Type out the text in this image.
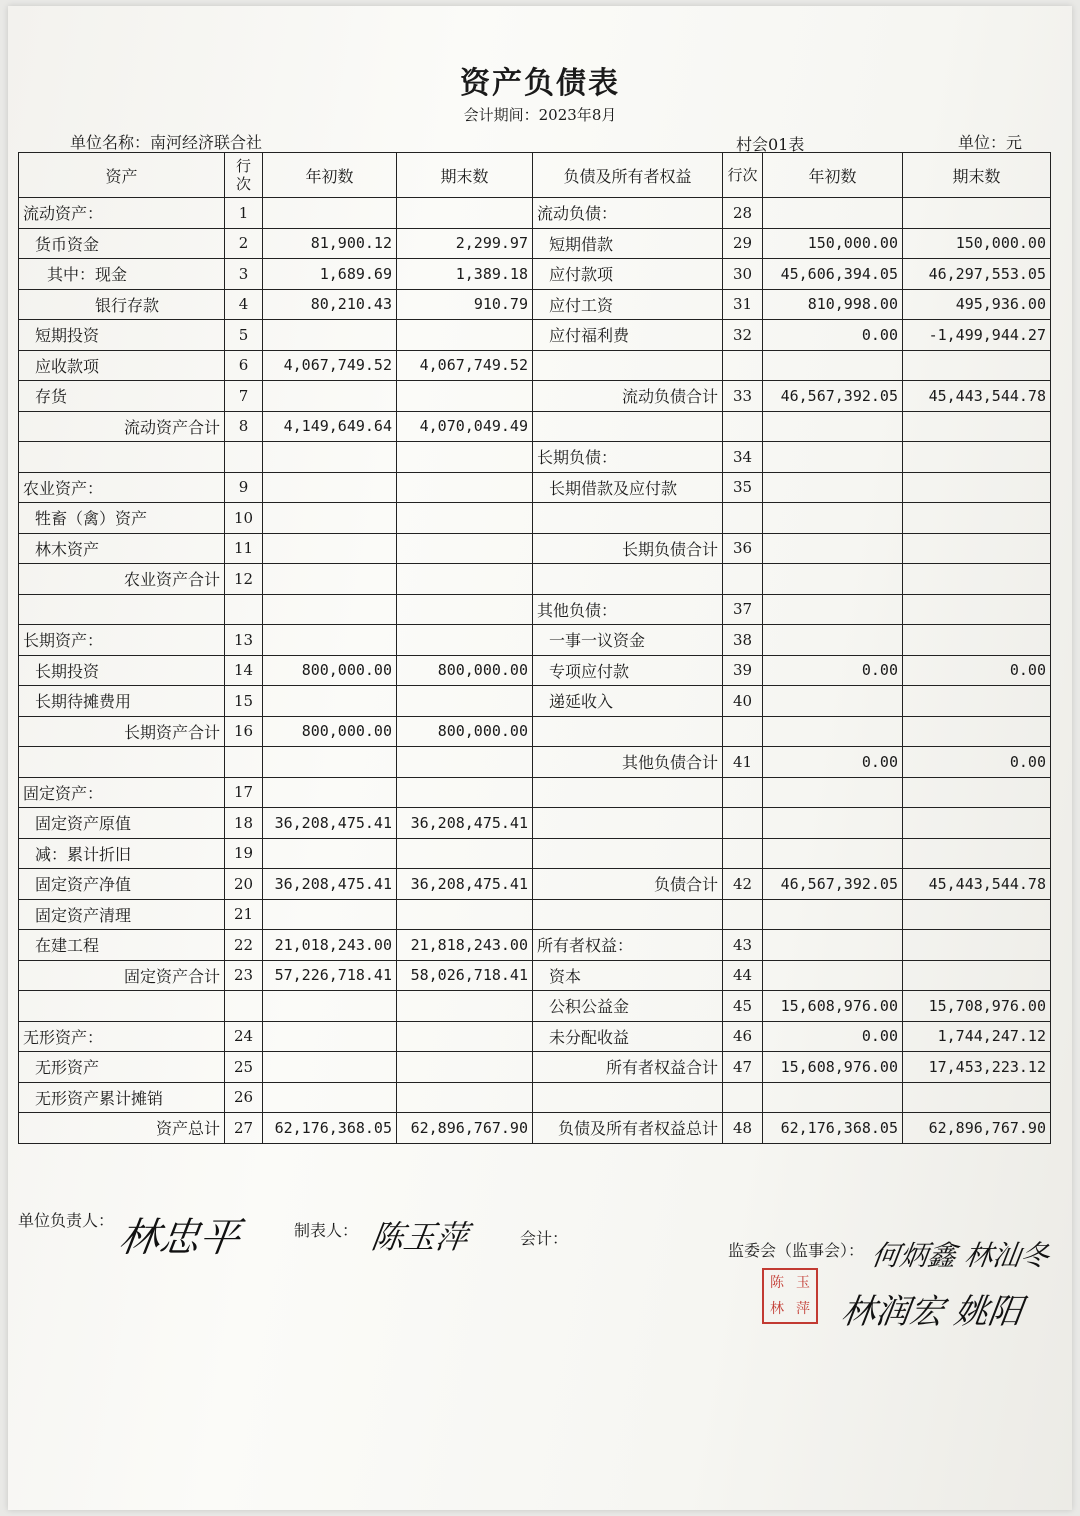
资产负债表
会计期间：2023年8月
单位名称：南河经济联合社	村会01表	单位：元
资产	行次	年初数	期末数	负债及所有者权益	行次	年初数	期末数
流动资产：	1			流动负债：	28		
货币资金	2	81,900.12	2,299.97	短期借款	29	150,000.00	150,000.00
其中：现金	3	1,689.69	1,389.18	应付款项	30	45,606,394.05	46,297,553.05
银行存款	4	80,210.43	910.79	应付工资	31	810,998.00	495,936.00
短期投资	5			应付福利费	32	0.00	-1,499,944.27
应收款项	6	4,067,749.52	4,067,749.52				
存货	7			流动负债合计	33	46,567,392.05	45,443,544.78
流动资产合计	8	4,149,649.64	4,070,049.49				
				长期负债：	34		
农业资产：	9			长期借款及应付款	35		
牲畜（禽）资产	10						
林木资产	11			长期负债合计	36		
农业资产合计	12						
				其他负债：	37		
长期资产：	13			一事一议资金	38		
长期投资	14	800,000.00	800,000.00	专项应付款	39	0.00	0.00
长期待摊费用	15			递延收入	40		
长期资产合计	16	800,000.00	800,000.00				
				其他负债合计	41	0.00	0.00
固定资产：	17						
固定资产原值	18	36,208,475.41	36,208,475.41				
减：累计折旧	19						
固定资产净值	20	36,208,475.41	36,208,475.41	负债合计	42	46,567,392.05	45,443,544.78
固定资产清理	21						
在建工程	22	21,018,243.00	21,818,243.00	所有者权益：	43		
固定资产合计	23	57,226,718.41	58,026,718.41	资本	44		
				公积公益金	45	15,608,976.00	15,708,976.00
无形资产：	24			未分配收益	46	0.00	1,744,247.12
无形资产	25			所有者权益合计	47	15,608,976.00	17,453,223.12
无形资产累计摊销	26						
资产总计	27	62,176,368.05	62,896,767.90	负债及所有者权益总计	48	62,176,368.05	62,896,767.90
单位负责人： 林忠平	制表人： 陈玉萍	会计：
监委会（监事会）： 何炳鑫 林汕冬
陈 玉
林 萍 林润宏 姚阳
